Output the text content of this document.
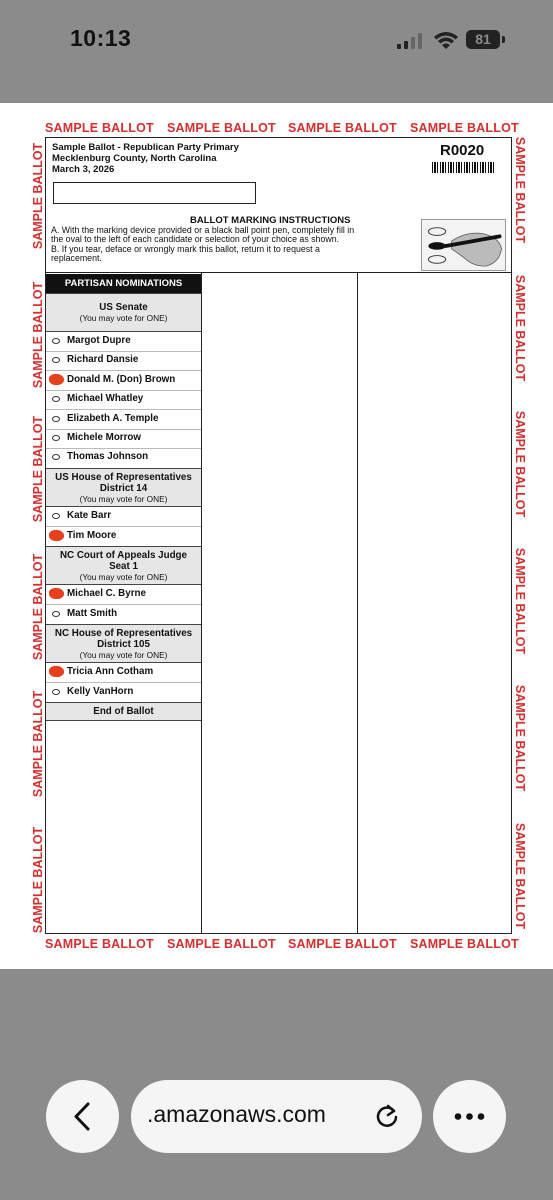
10:13	81
SAMPLE BALLOT SAMPLE BALLOT SAMPLE BALLOT SAMPLE BALLOT
SAMPLE BALLOT SAMPLE BALLOT SAMPLE BALLOT SAMPLE BALLOT
SAMPLE BALLOT
SAMPLE BALLOT
SAMPLE BALLOT
SAMPLE BALLOT
SAMPLE BALLOT
SAMPLE BALLOT
SAMPLE BALLOT
SAMPLE BALLOT
SAMPLE BALLOT
SAMPLE BALLOT
SAMPLE BALLOT
SAMPLE BALLOT
Sample Ballot - Republican Party Primary
Mecklenburg County, North Carolina
March 3, 2026
R0020
BALLOT MARKING INSTRUCTIONS
A. With the marking device provided or a black ball point pen, completely fill in
the oval to the left of each candidate or selection of your choice as shown.
B. If you tear, deface or wrongly mark this ballot, return it to request a
replacement.
PARTISAN NOMINATIONS
US Senate
(You may vote for ONE)
Margot Dupre
Richard Dansie
Donald M. (Don) Brown
Michael Whatley
Elizabeth A. Temple
Michele Morrow
Thomas Johnson
US House of Representatives
District 14
(You may vote for ONE)
Kate Barr
Tim Moore
NC Court of Appeals Judge
Seat 1
(You may vote for ONE)
Michael C. Byrne
Matt Smith
NC House of Representatives
District 105
(You may vote for ONE)
Tricia Ann Cotham
Kelly VanHorn
End of Ballot
.amazonaws.com
